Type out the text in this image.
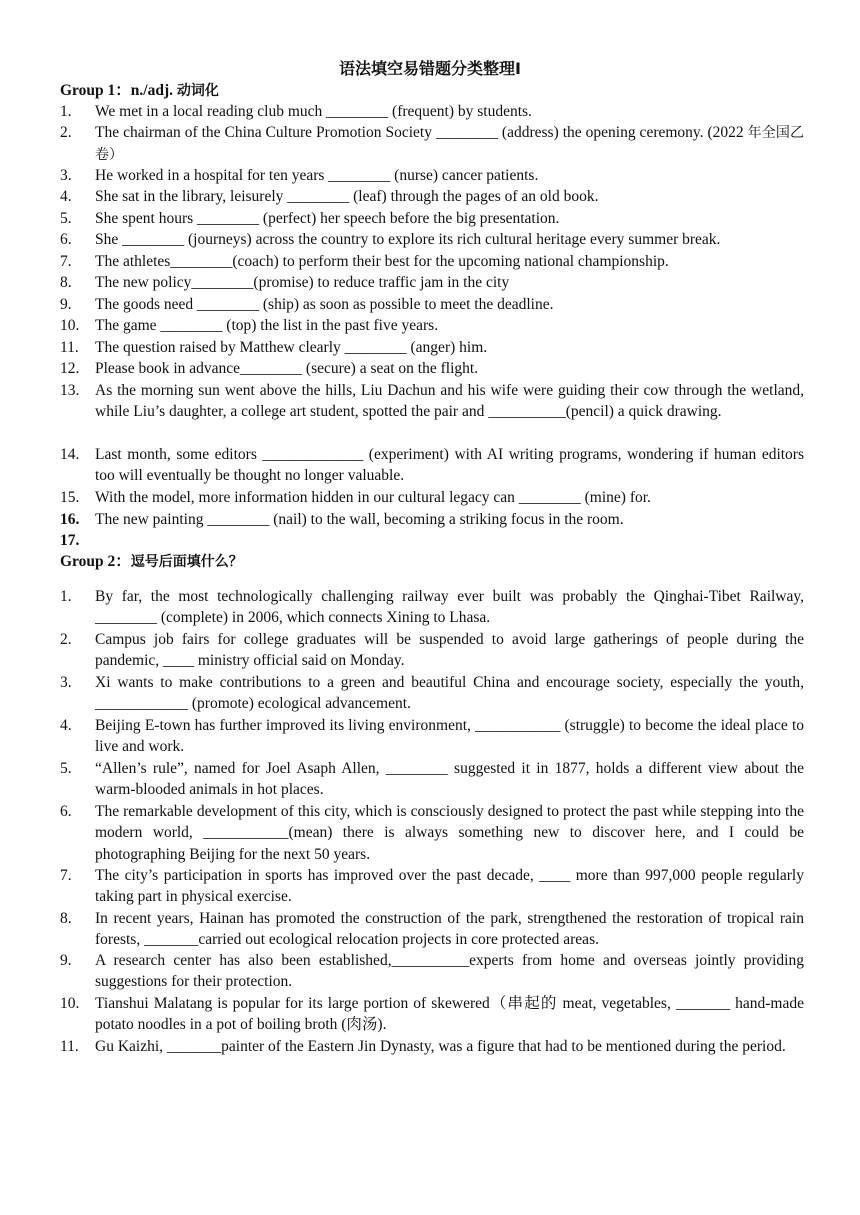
语法填空易错题分类整理Ⅰ
Group 1：n./adj. 动词化
1.	We met in a local reading club much ________ (frequent) by students.
2.	The chairman of the China Culture Promotion Society ________ (address) the opening ceremony. (2022 年全国乙卷）
3.	He worked in a hospital for ten years ________ (nurse) cancer patients.
4.	She sat in the library, leisurely ________ (leaf) through the pages of an old book.
5.	She spent hours ________ (perfect) her speech before the big presentation.
6.	She ________ (journeys) across the country to explore its rich cultural heritage every summer break.
7.	The athletes________(coach) to perform their best for the upcoming national championship.
8.	The new policy________(promise) to reduce traffic jam in the city
9.	The goods need ________ (ship) as soon as possible to meet the deadline.
10.	The game ________ (top) the list in the past five years.
11.	The question raised by Matthew clearly ________ (anger) him.
12.	Please book in advance________ (secure) a seat on the flight.
13.	As the morning sun went above the hills, Liu Dachun and his wife were guiding their cow through the wetland, while Liu’s daughter, a college art student, spotted the pair and __________(pencil) a quick drawing.
14.	Last month, some editors _____________ (experiment) with AI writing programs, wondering if human editors too will eventually be thought no longer valuable.
15.	With the model, more information hidden in our cultural legacy can ________ (mine) for.
16.	The new painting ________ (nail) to the wall, becoming a striking focus in the room.
17.
Group 2：逗号后面填什么？
1.	By far, the most technologically challenging railway ever built was probably the Qinghai-Tibet Railway, ________ (complete) in 2006, which connects Xining to Lhasa.
2.	Campus job fairs for college graduates will be suspended to avoid large gatherings of people during the pandemic, ____ ministry official said on Monday.
3.	Xi wants to make contributions to a green and beautiful China and encourage society, especially the youth, ____________ (promote) ecological advancement.
4.	Beijing E-town has further improved its living environment, ___________ (struggle) to become the ideal place to live and work.
5.	“Allen’s rule”, named for Joel Asaph Allen, ________ suggested it in 1877, holds a different view about the warm-blooded animals in hot places.
6.	The remarkable development of this city, which is consciously designed to protect the past while stepping into the modern world, ___________(mean) there is always something new to discover here, and I could be photographing Beijing for the next 50 years.
7.	The city’s participation in sports has improved over the past decade, ____ more than 997,000 people regularly taking part in physical exercise.
8.	In recent years, Hainan has promoted the construction of the park, strengthened the restoration of tropical rain forests, _______carried out ecological relocation projects in core protected areas.
9.	A research center has also been established,__________experts from home and overseas jointly providing suggestions for their protection.
10.	Tianshui Malatang is popular for its large portion of skewered（串起的 meat, vegetables, _______ hand-made potato noodles in a pot of boiling broth (肉汤).
11.	Gu Kaizhi, _______painter of the Eastern Jin Dynasty, was a figure that had to be mentioned during the period.
